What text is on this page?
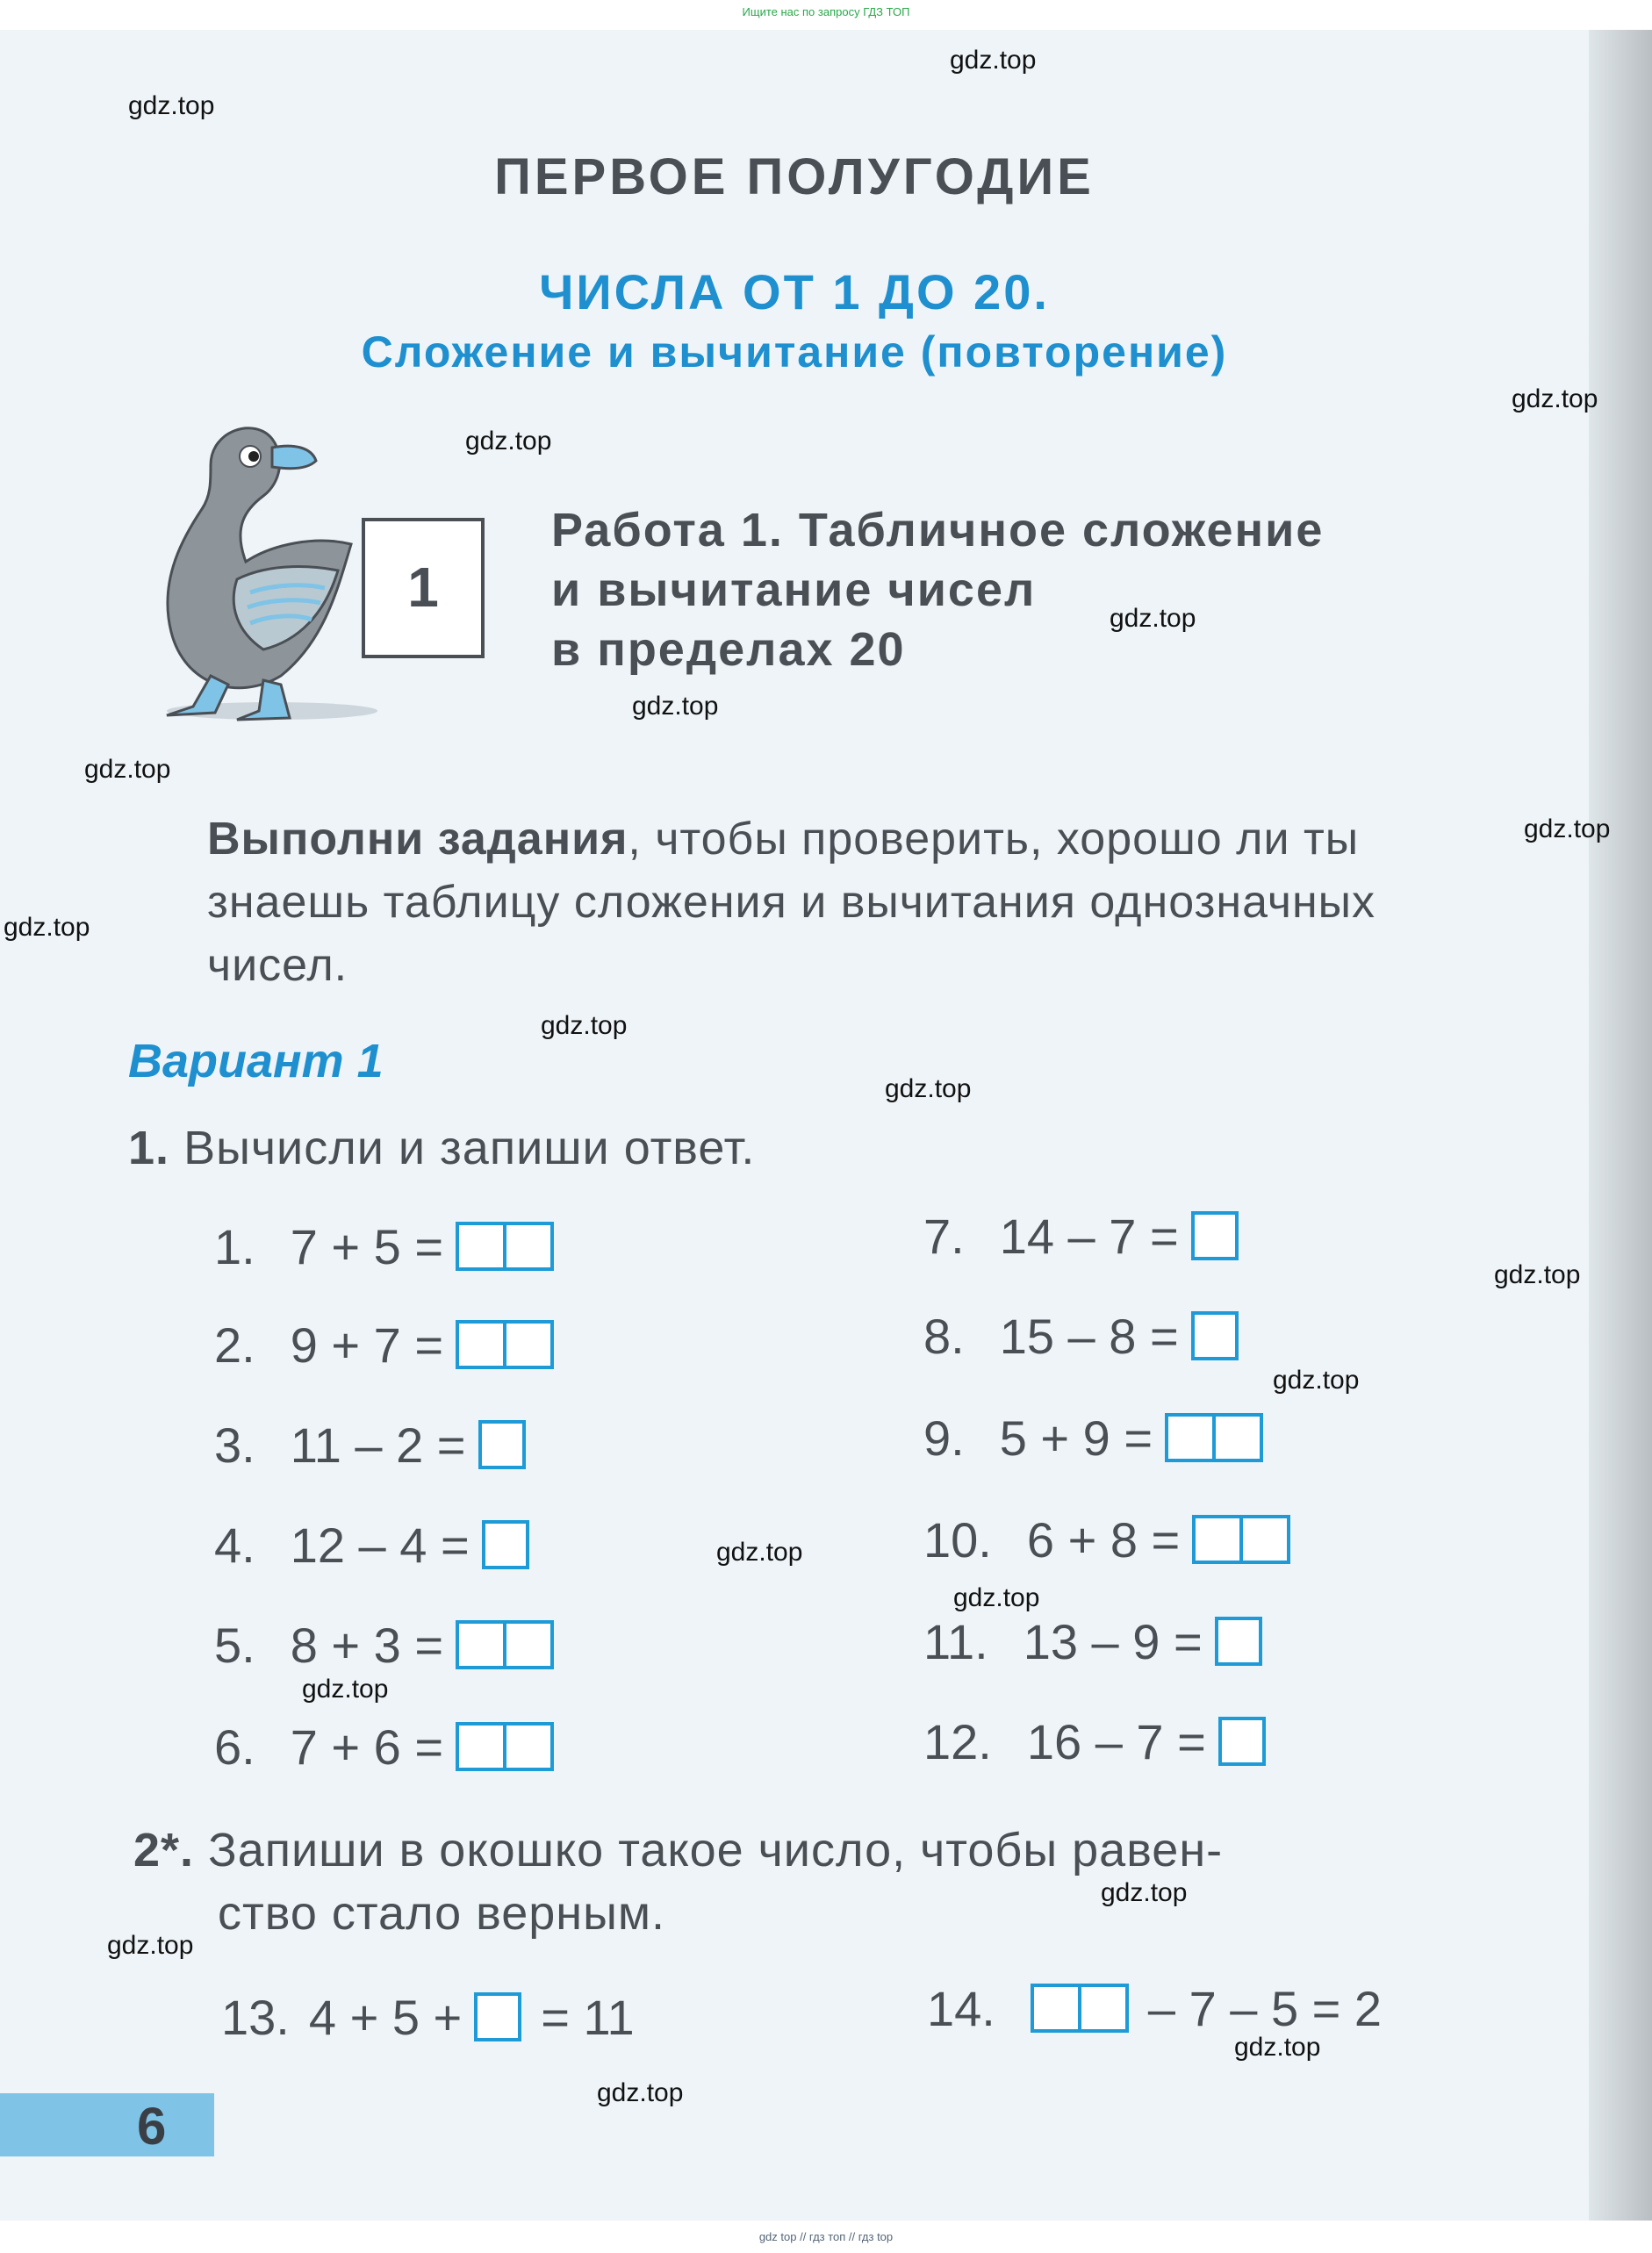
Ищите нас по запросу ГДЗ ТОП
ПЕРВОЕ ПОЛУГОДИЕ
ЧИСЛА ОТ 1 ДО 20.
Сложение и вычитание (повторение)
1
Работа 1. Табличное сложение
и вычитание чисел
в пределах 20
Выполни задания, чтобы проверить, хорошо ли ты знаешь таблицу сложения и вычитания однозначных чисел.
Вариант 1
1. Вычисли и запиши ответ.
1. 7 + 5 =
2. 9 + 7 =
3. 11 – 2 =
4. 12 – 4 =
5. 8 + 3 =
6. 7 + 6 =
7. 14 – 7 =
8. 15 – 8 =
9. 5 + 9 =
10. 6 + 8 =
11. 13 – 9 =
12. 16 – 7 =
2*. Запиши в окошко такое число, чтобы равен-
ство стало верным.
13. 4 + 5 + = 11	14.	– 7 – 5 = 2
6
gdz.top
gdz.top
gdz.top
gdz.top
gdz.top
gdz.top
gdz.top
gdz.top
gdz.top
gdz.top
gdz.top
gdz.top
gdz.top
gdz.top
gdz.top
gdz.top
gdz.top
gdz.top
gdz.top
gdz.top
gdz top // гдз топ // гдз top
